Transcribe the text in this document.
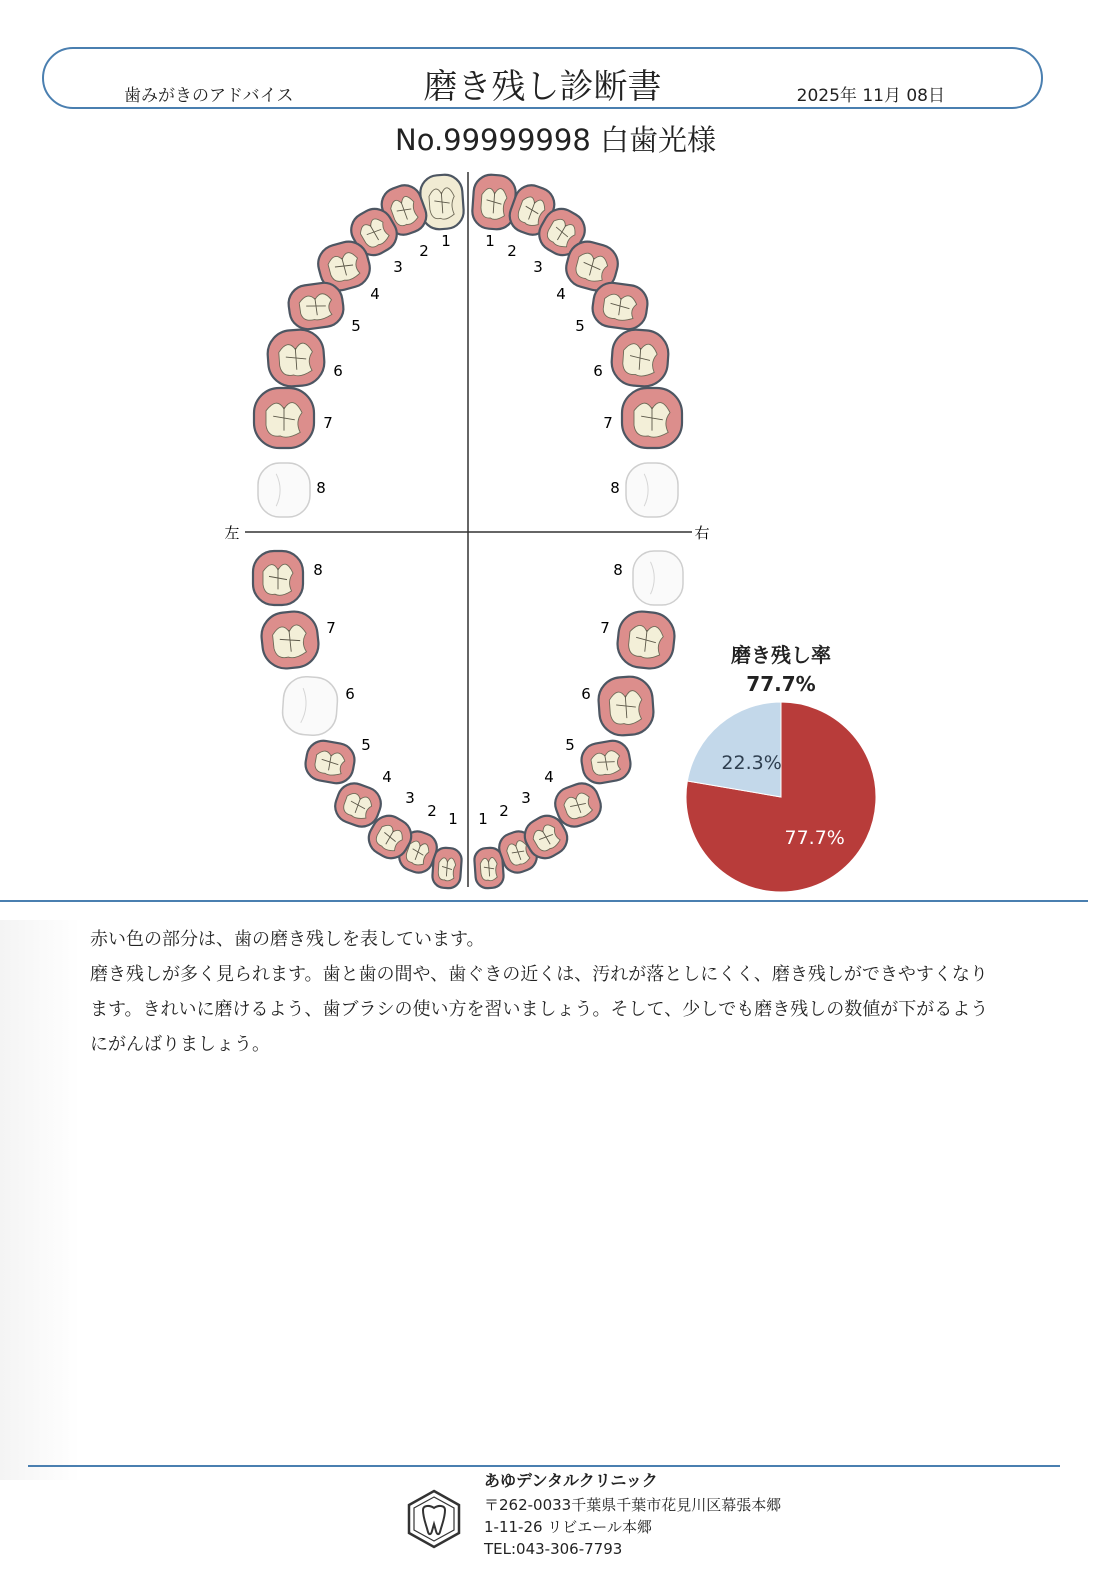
歯みがきのアドバイス	磨き残し診断書	2025年 11月 08日
No.99999998 白歯光様
左	右
1
2
3
4
5
6
7
8
1
2
3
4
5
6
7
8
1
2
3
4
5
6
7
8
1 2
3
4
5
6
7
8
磨き残し率
77.7%
77.7%
22.3%

赤い色の部分は、歯の磨き残しを表しています。

磨き残しが多く見られます。歯と歯の間や、歯ぐきの近くは、汚れが落としにくく、磨き残しができやすくなります。きれいに磨けるよう、歯ブラシの使い方を習いましょう。そして、少しでも磨き残しの数値が下がるようにがんばりましょう。

あゆデンタルクリニック
〒262-0033千葉県千葉市花見川区幕張本郷
1-11-26 リビエール本郷
TEL:043-306-7793
